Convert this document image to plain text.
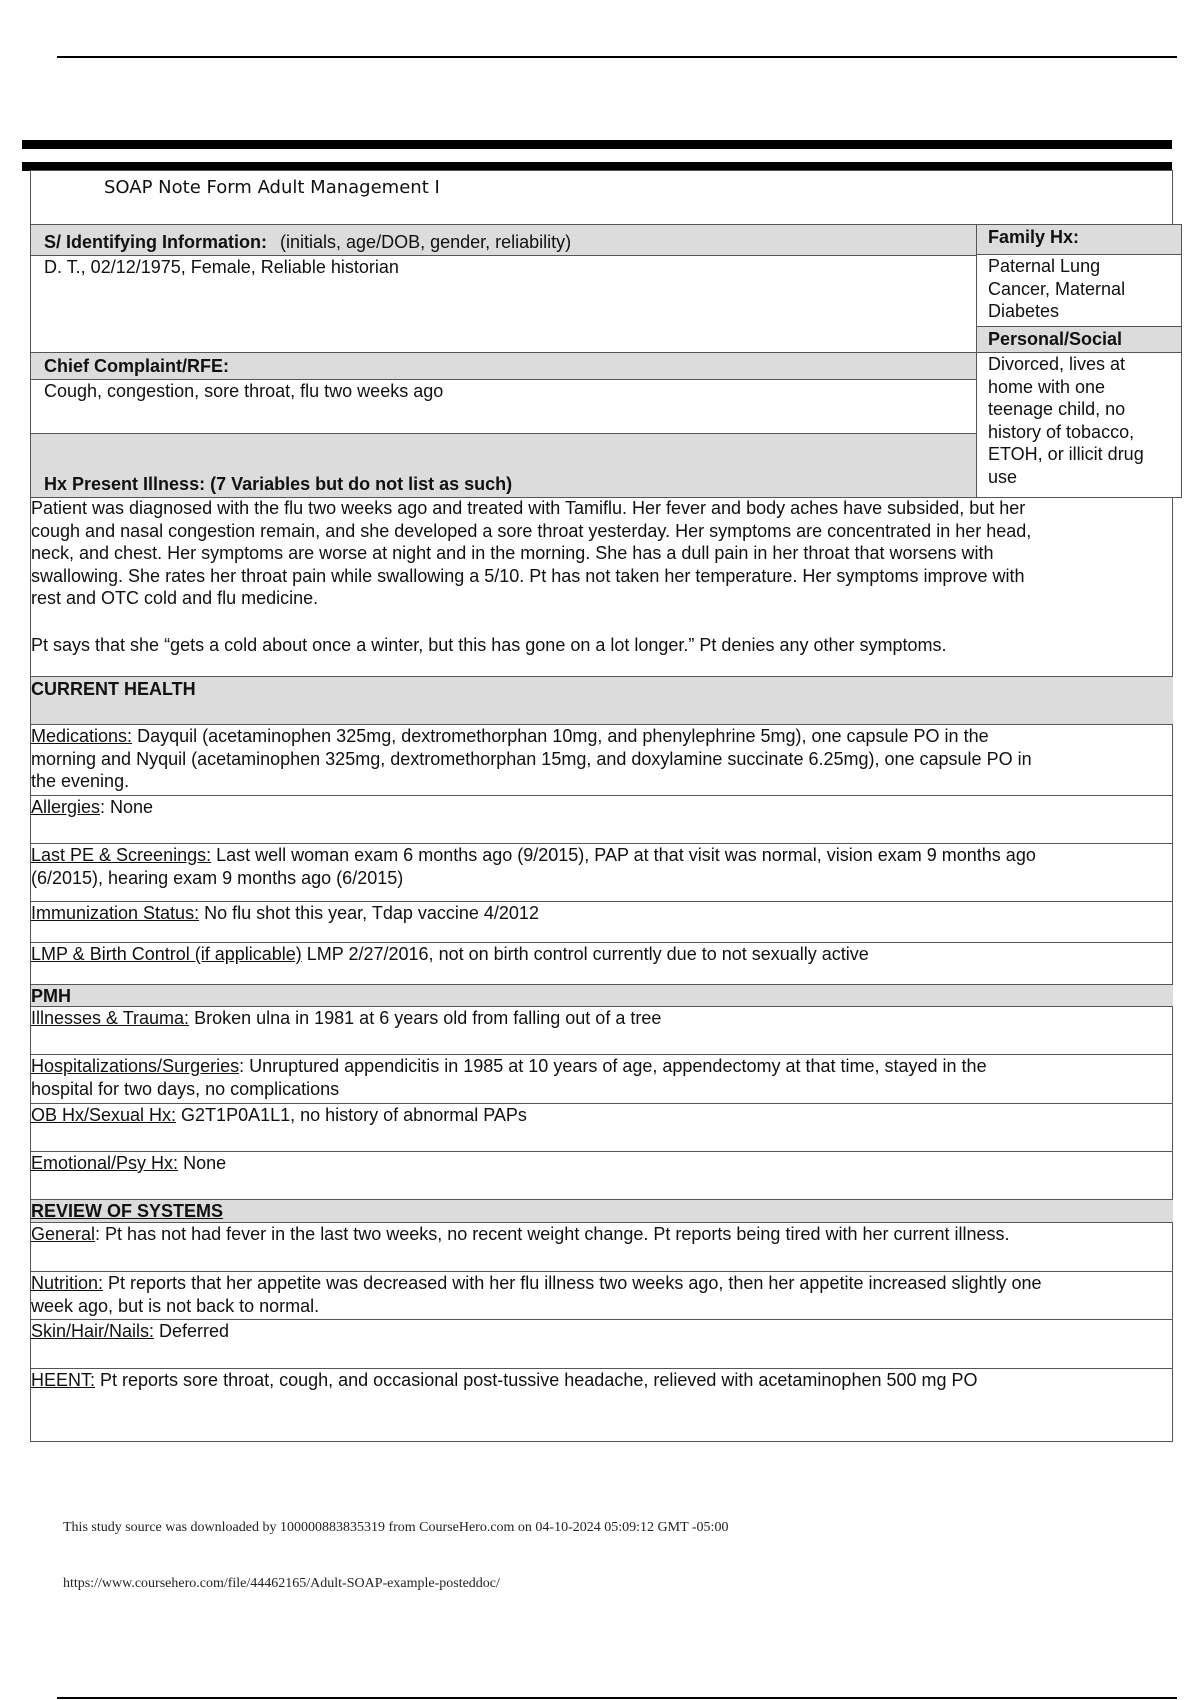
SOAP Note Form Adult Management I
S/ Identifying Information: (initials, age/DOB, gender, reliability)
D. T., 02/12/1975, Female, Reliable historian
Chief Complaint/RFE:
Cough, congestion, sore throat, flu two weeks ago
Hx Present Illness: (7 Variables but do not list as such)
Family Hx:
Paternal Lung
Cancer, Maternal
Diabetes
Personal/Social
Divorced, lives at
home with one
teenage child, no
history of tobacco,
ETOH, or illicit drug
use
Patient was diagnosed with the flu two weeks ago and treated with Tamiflu. Her fever and body aches have subsided, but her
cough and nasal congestion remain, and she developed a sore throat yesterday. Her symptoms are concentrated in her head,
neck, and chest. Her symptoms are worse at night and in the morning. She has a dull pain in her throat that worsens with
swallowing. She rates her throat pain while swallowing a 5/10. Pt has not taken her temperature. Her symptoms improve with
rest and OTC cold and flu medicine.
Pt says that she “gets a cold about once a winter, but this has gone on a lot longer.” Pt denies any other symptoms.
CURRENT HEALTH
Medications: Dayquil (acetaminophen 325mg, dextromethorphan 10mg, and phenylephrine 5mg), one capsule PO in the
morning and Nyquil (acetaminophen 325mg, dextromethorphan 15mg, and doxylamine succinate 6.25mg), one capsule PO in
the evening.
Allergies: None
Last PE & Screenings: Last well woman exam 6 months ago (9/2015), PAP at that visit was normal, vision exam 9 months ago
(6/2015), hearing exam 9 months ago (6/2015)
Immunization Status: No flu shot this year, Tdap vaccine 4/2012
LMP & Birth Control (if applicable) LMP 2/27/2016, not on birth control currently due to not sexually active
PMH
Illnesses & Trauma: Broken ulna in 1981 at 6 years old from falling out of a tree
Hospitalizations/Surgeries: Unruptured appendicitis in 1985 at 10 years of age, appendectomy at that time, stayed in the
hospital for two days, no complications
OB Hx/Sexual Hx: G2T1P0A1L1, no history of abnormal PAPs
Emotional/Psy Hx: None
REVIEW OF SYSTEMS
General: Pt has not had fever in the last two weeks, no recent weight change. Pt reports being tired with her current illness.
Nutrition: Pt reports that her appetite was decreased with her flu illness two weeks ago, then her appetite increased slightly one
week ago, but is not back to normal.
Skin/Hair/Nails: Deferred
HEENT: Pt reports sore throat, cough, and occasional post-tussive headache, relieved with acetaminophen 500 mg PO
This study source was downloaded by 100000883835319 from CourseHero.com on 04-10-2024 05:09:12 GMT -05:00
https://www.coursehero.com/file/44462165/Adult-SOAP-example-posteddoc/
